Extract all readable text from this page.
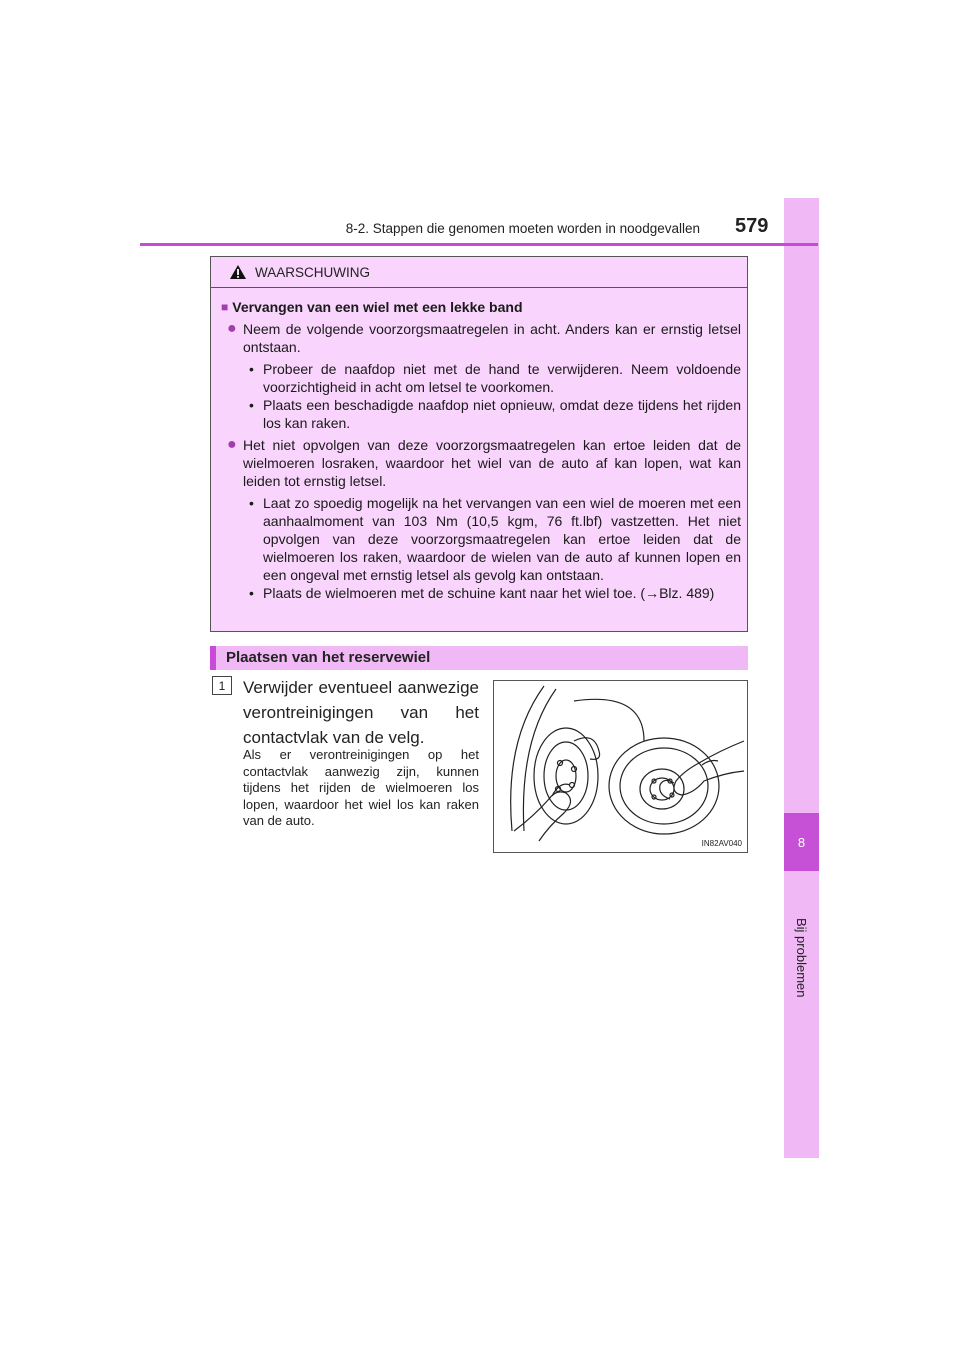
8
Bij problemen
8-2. Stappen die genomen moeten worden in noodgevallen 579
WAARSCHUWING
■ Vervangen van een wiel met een lekke band
● Neem de volgende voorzorgsmaatregelen in acht. Anders kan er ernstig letsel ontstaan.
• Probeer de naafdop niet met de hand te verwijderen. Neem voldoende voorzichtigheid in acht om letsel te voorkomen.
• Plaats een beschadigde naafdop niet opnieuw, omdat deze tijdens het rijden los kan raken.
● Het niet opvolgen van deze voorzorgsmaatregelen kan ertoe leiden dat de wielmoeren losraken, waardoor het wiel van de auto af kan lopen, wat kan leiden tot ernstig letsel.
• Laat zo spoedig mogelijk na het vervangen van een wiel de moeren met een aanhaalmoment van 103 Nm (10,5 kgm, 76 ft.lbf) vastzetten. Het niet opvolgen van deze voorzorgsmaatregelen kan ertoe leiden dat de wielmoeren los raken, waardoor de wielen van de auto af kunnen lopen en een ongeval met ernstig letsel als gevolg kan ontstaan.
• Plaats de wielmoeren met de schuine kant naar het wiel toe. (→Blz. 489)
Plaatsen van het reservewiel
1	Verwijder eventueel aanwezige verontreinigingen van het contactvlak van de velg.
Als er verontreinigingen op het contactvlak aanwezig zijn, kunnen tijdens het rijden de wielmoeren los lopen, waardoor het wiel los kan raken van de auto.
IN82AV040
